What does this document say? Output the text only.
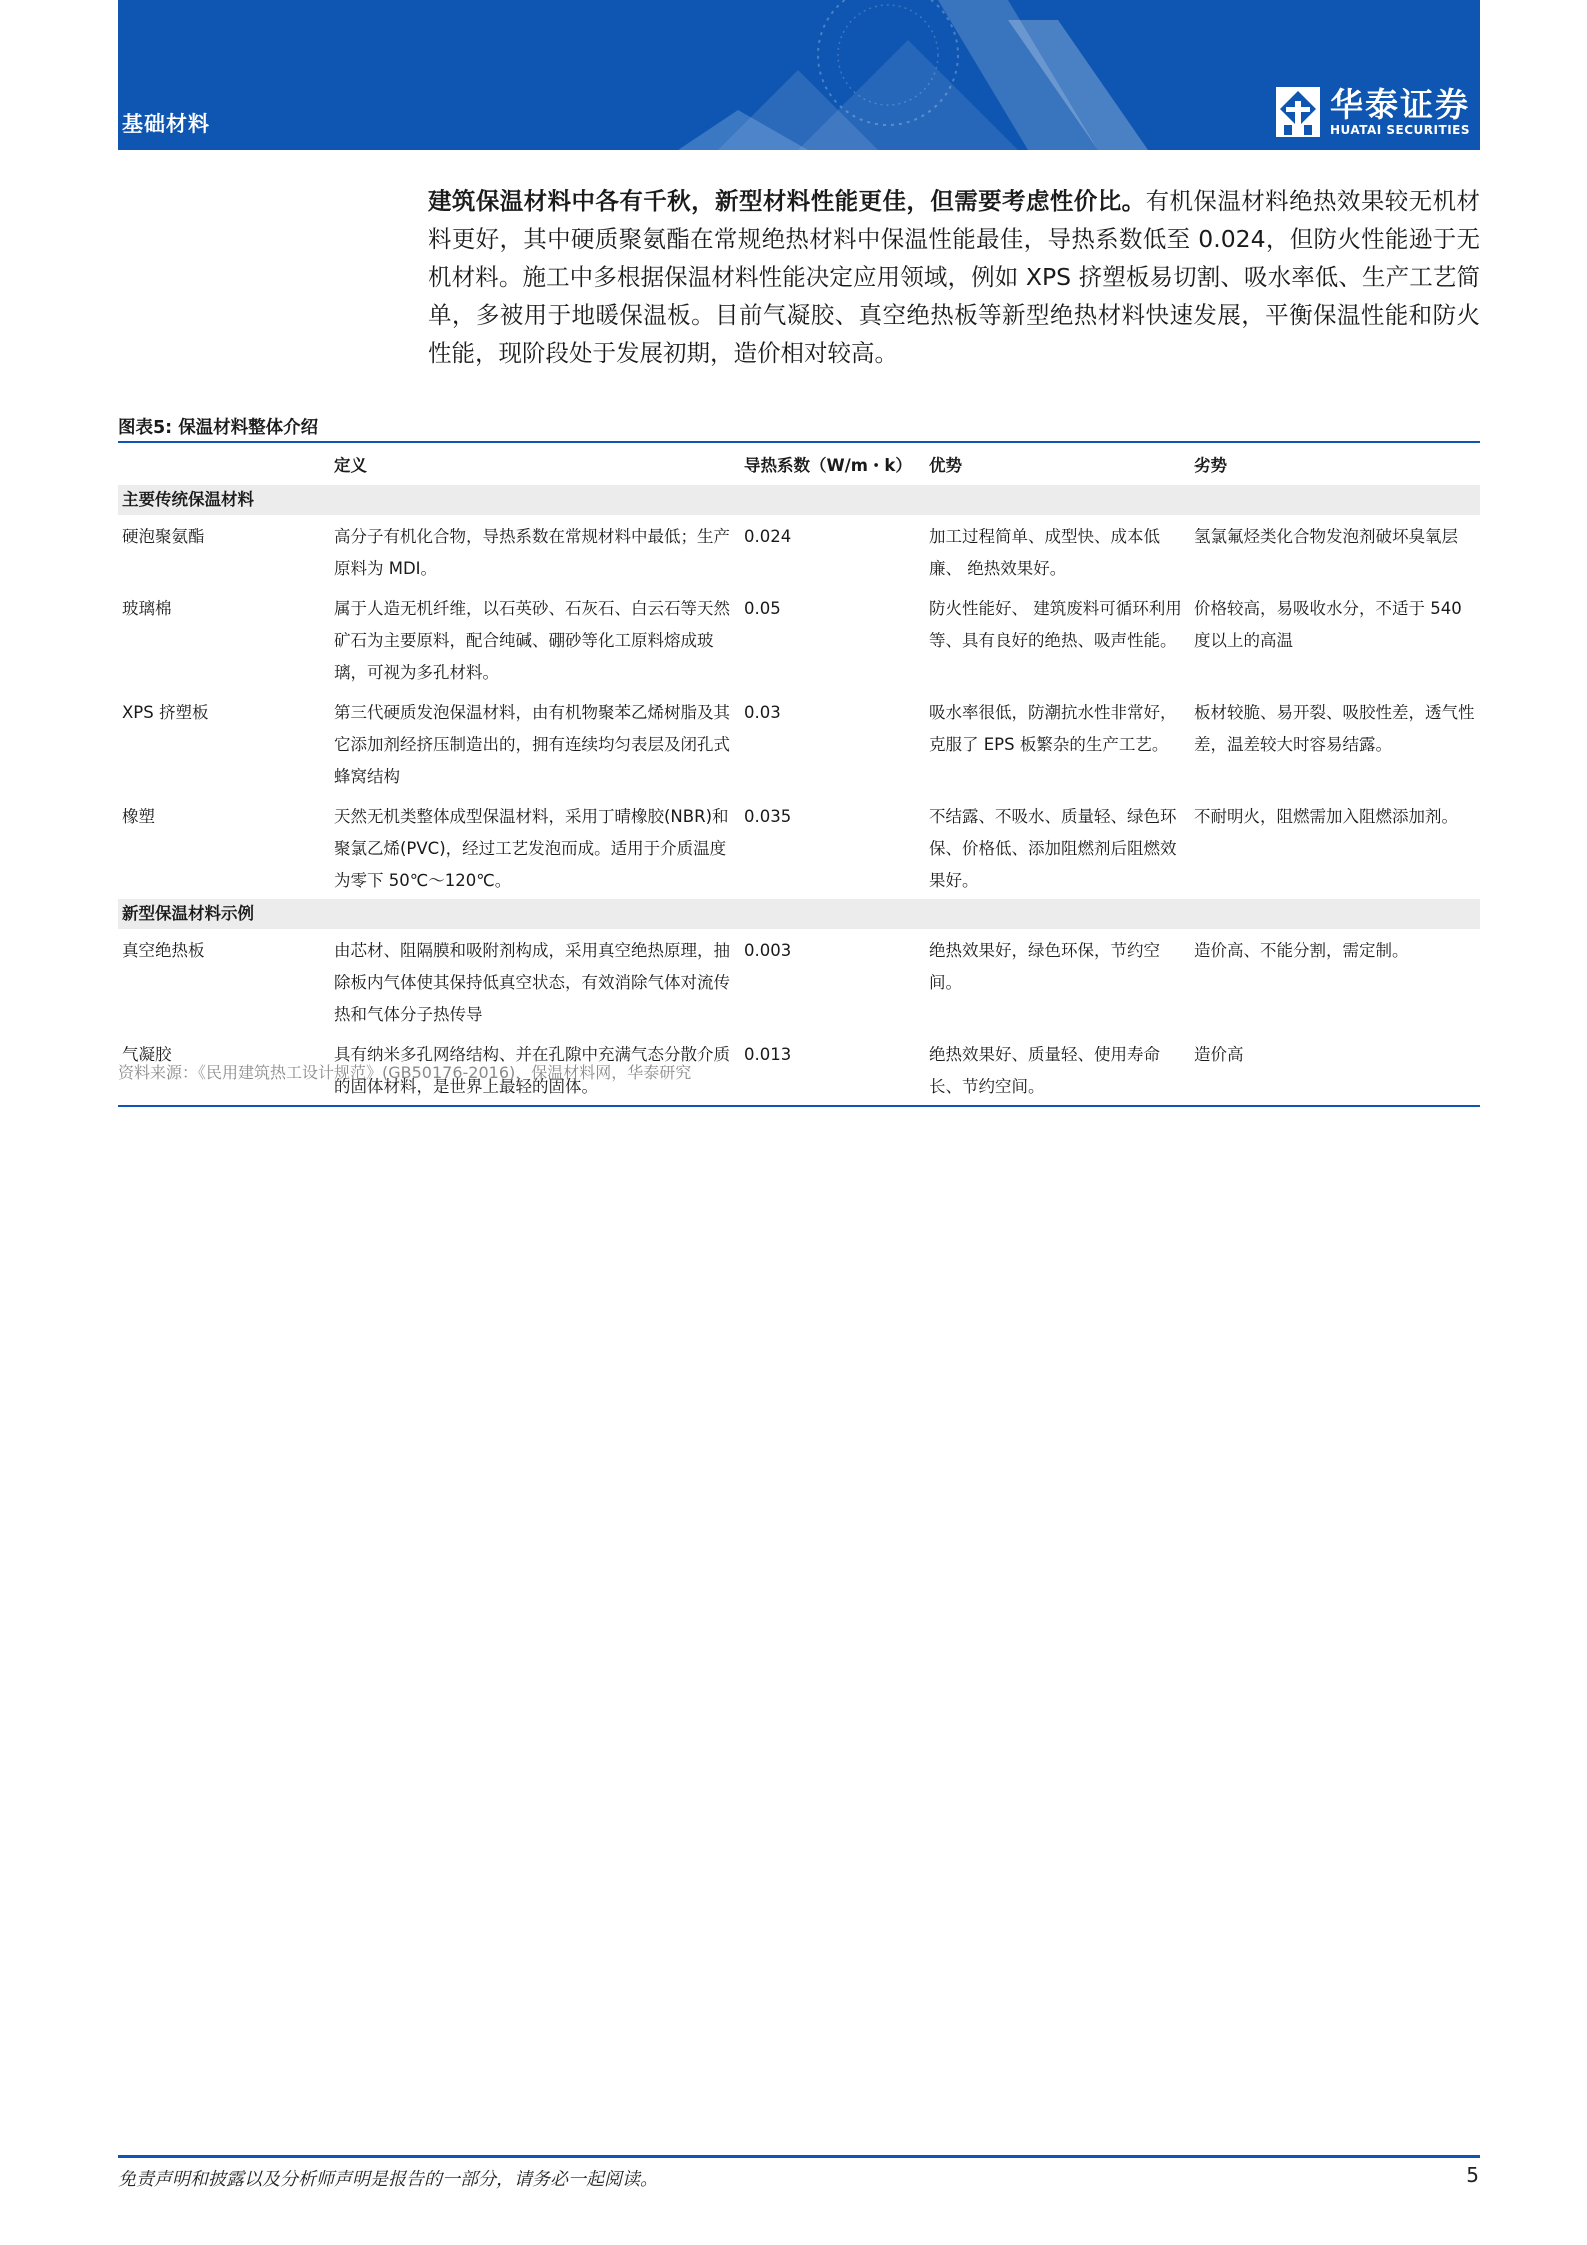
基础材料	华泰证券
HUATAI SECURITIES
建筑保温材料中各有千秋，新型材料性能更佳，但需要考虑性价比。有机保温材料绝热效果较无机材料更好，其中硬质聚氨酯在常规绝热材料中保温性能最佳，导热系数低至 0.024，但防火性能逊于无机材料。施工中多根据保温材料性能决定应用领域，例如 XPS 挤塑板易切割、吸水率低、生产工艺简单，多被用于地暖保温板。目前气凝胶、真空绝热板等新型绝热材料快速发展，平衡保温性能和防火性能，现阶段处于发展初期，造价相对较高。
图表5: 保温材料整体介绍
	定义	导热系数（W/m・k）	优势	劣势
主要传统保温材料				
硬泡聚氨酯	高分子有机化合物，导热系数在常规材料中最低；生产原料为 MDI。	0.024	加工过程简单、成型快、成本低廉、 绝热效果好。	氢氯氟烃类化合物发泡剂破坏臭氧层
玻璃棉	属于人造无机纤维，以石英砂、石灰石、白云石等天然矿石为主要原料，配合纯碱、硼砂等化工原料熔成玻璃，可视为多孔材料。	0.05	防火性能好、 建筑废料可循环利用等、具有良好的绝热、吸声性能。	价格较高，易吸收水分，不适于 540度以上的高温
XPS 挤塑板	第三代硬质发泡保温材料，由有机物聚苯乙烯树脂及其它添加剂经挤压制造出的，拥有连续均匀表层及闭孔式蜂窝结构	0.03	吸水率很低，防潮抗水性非常好， 克服了 EPS 板繁杂的生产工艺。	板材较脆、易开裂、吸胶性差，透气性差，温差较大时容易结露。
橡塑	天然无机类整体成型保温材料，采用丁晴橡胶(NBR)和聚氯乙烯(PVC)，经过工艺发泡而成。适用于介质温度为零下 50℃～120℃。	0.035	不结露、不吸水、质量轻、绿色环保、价格低、添加阻燃剂后阻燃效果好。	不耐明火，阻燃需加入阻燃添加剂。
新型保温材料示例				
真空绝热板	由芯材、阻隔膜和吸附剂构成，采用真空绝热原理，抽除板内气体使其保持低真空状态，有效消除气体对流传热和气体分子热传导	0.003	绝热效果好，绿色环保，节约空间。	造价高、不能分割，需定制。
气凝胶	具有纳米多孔网络结构、并在孔隙中充满气态分散介质的固体材料，是世界上最轻的固体。	0.013	绝热效果好、质量轻、使用寿命长、节约空间。	造价高
资料来源：《民用建筑热工设计规范》(GB50176-2016)，保温材料网，华泰研究
免责声明和披露以及分析师声明是报告的一部分，请务必一起阅读。	5
